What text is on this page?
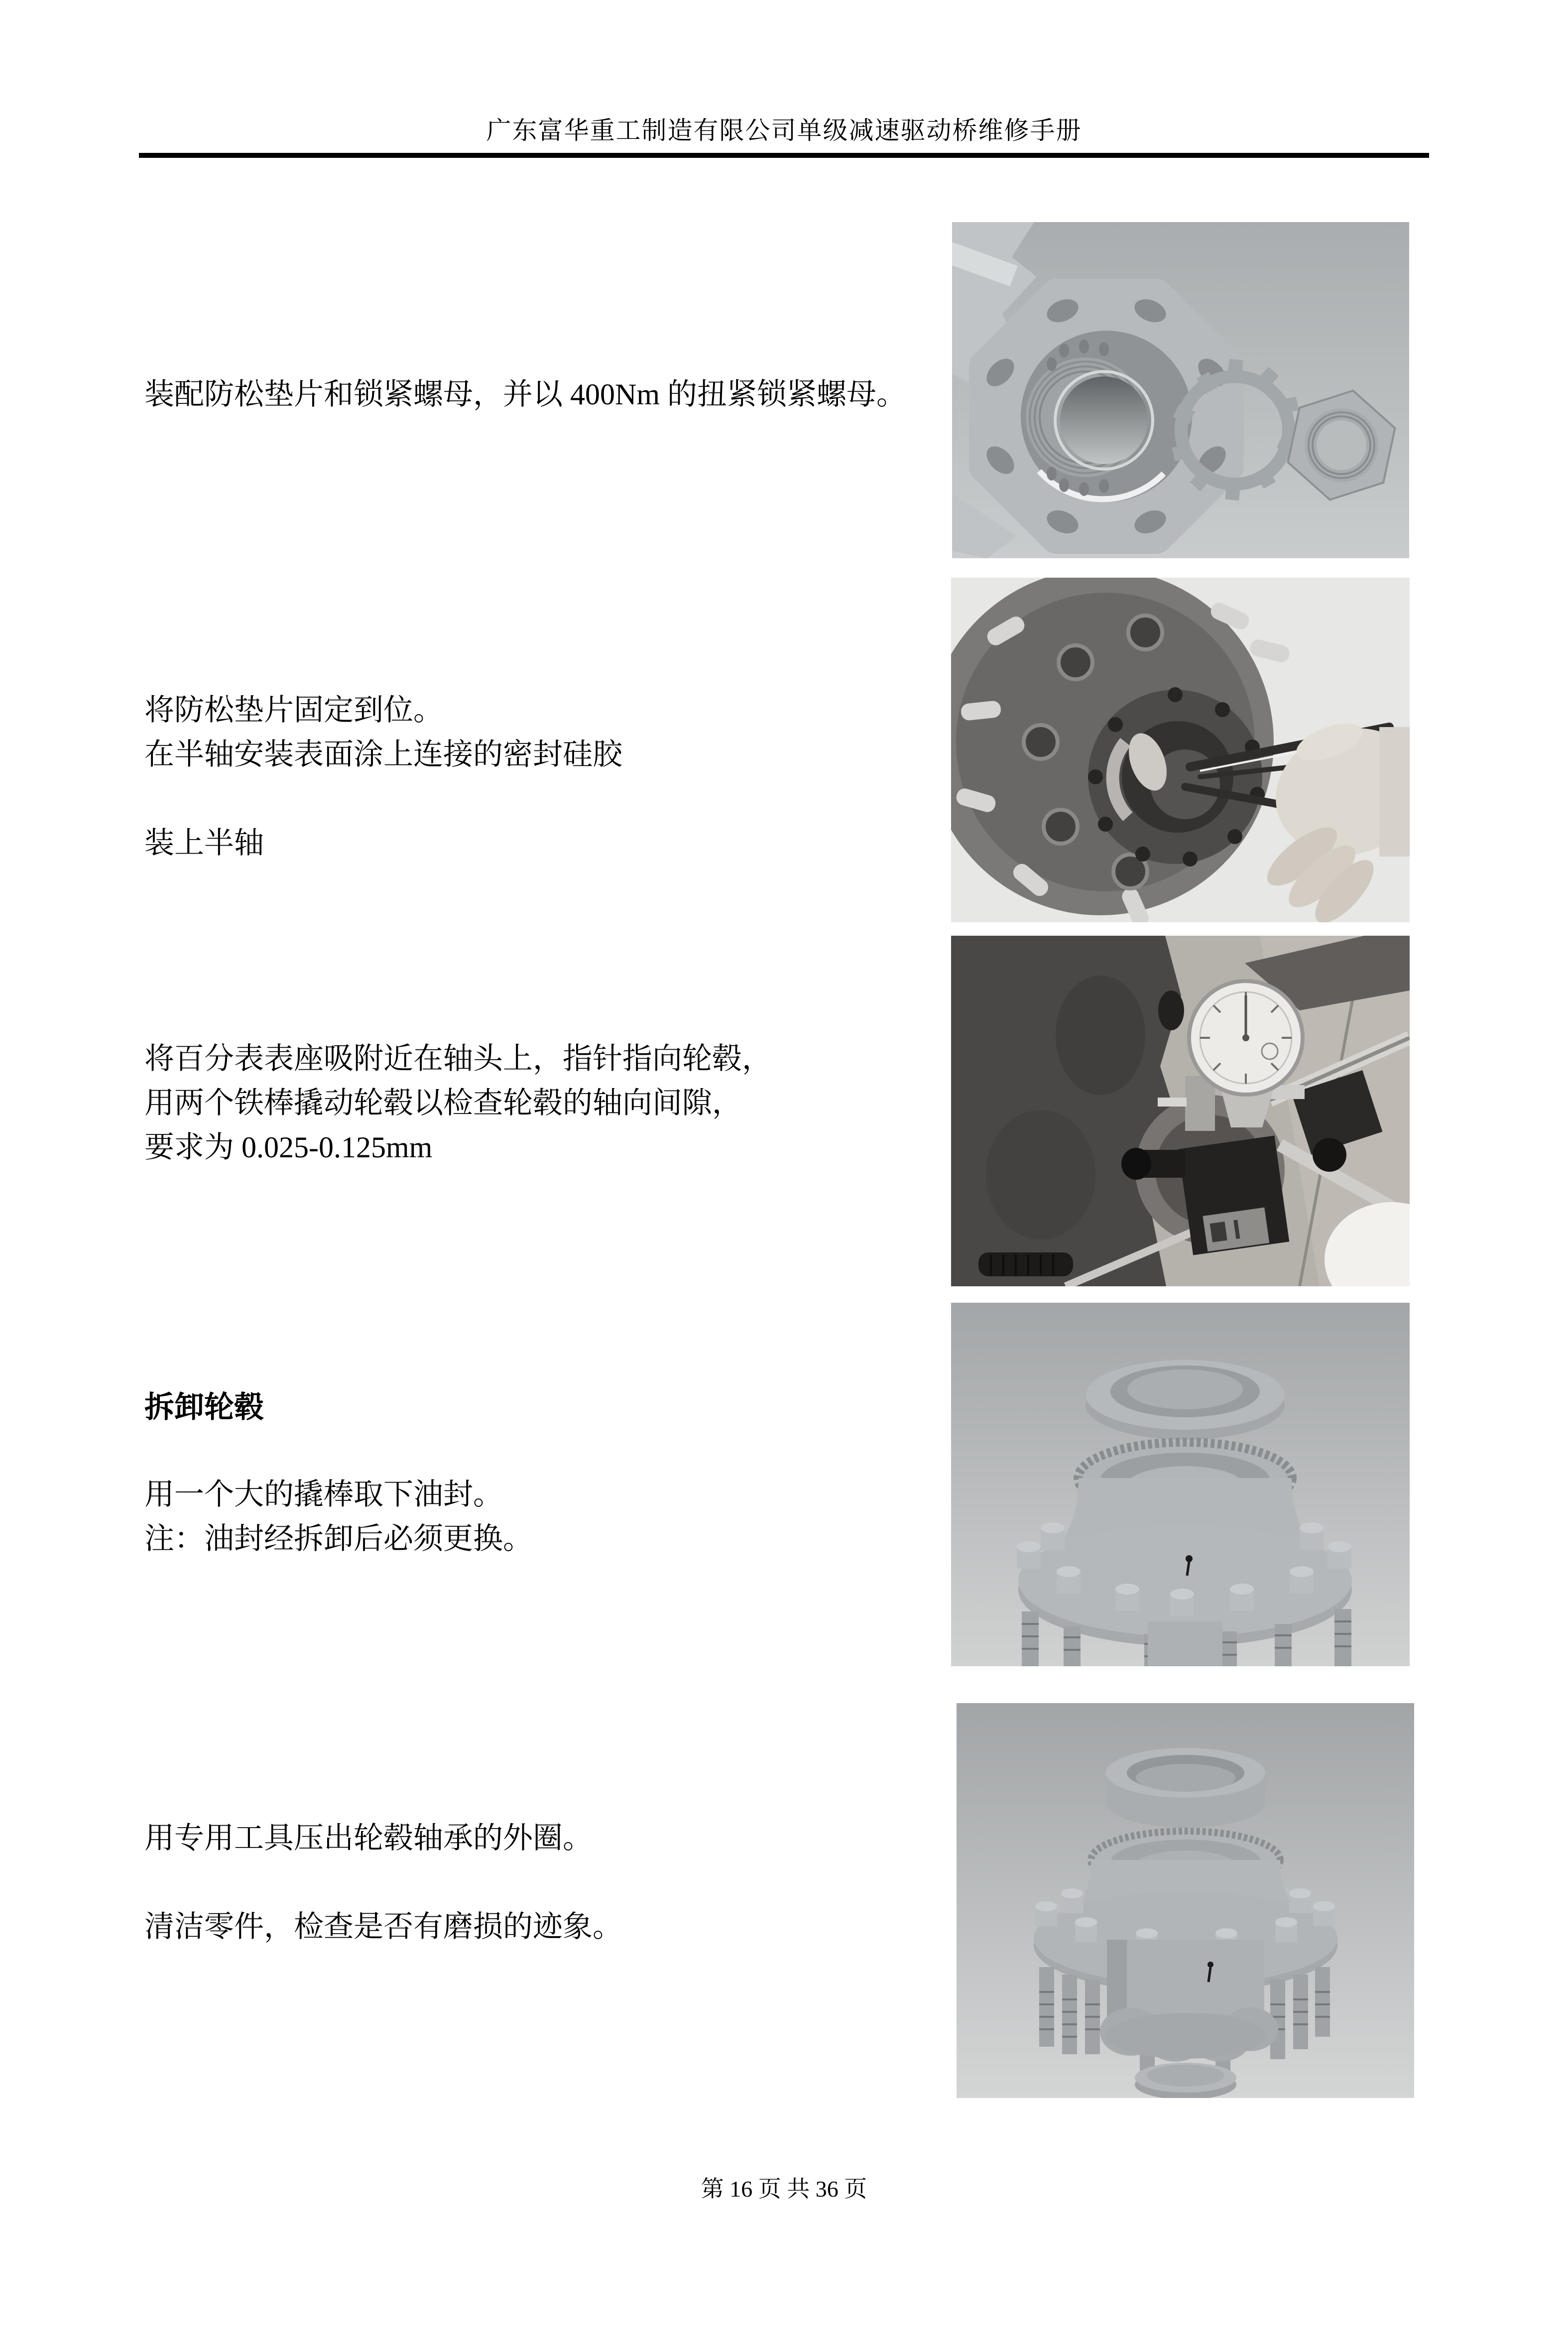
广东富华重工制造有限公司单级减速驱动桥维修手册
装配防松垫片和锁紧螺母，并以 400Nm 的扭紧锁紧螺母。
将防松垫片固定到位。
在半轴安装表面涂上连接的密封硅胶
装上半轴
将百分表表座吸附近在轴头上，指针指向轮毂，
用两个铁棒撬动轮毂以检查轮毂的轴向间隙，
要求为 0.025-0.125mm
拆卸轮毂
用一个大的撬棒取下油封。
注：油封经拆卸后必须更换。
用专用工具压出轮毂轴承的外圈。
清洁零件，检查是否有磨损的迹象。
第 16 页 共 36 页
